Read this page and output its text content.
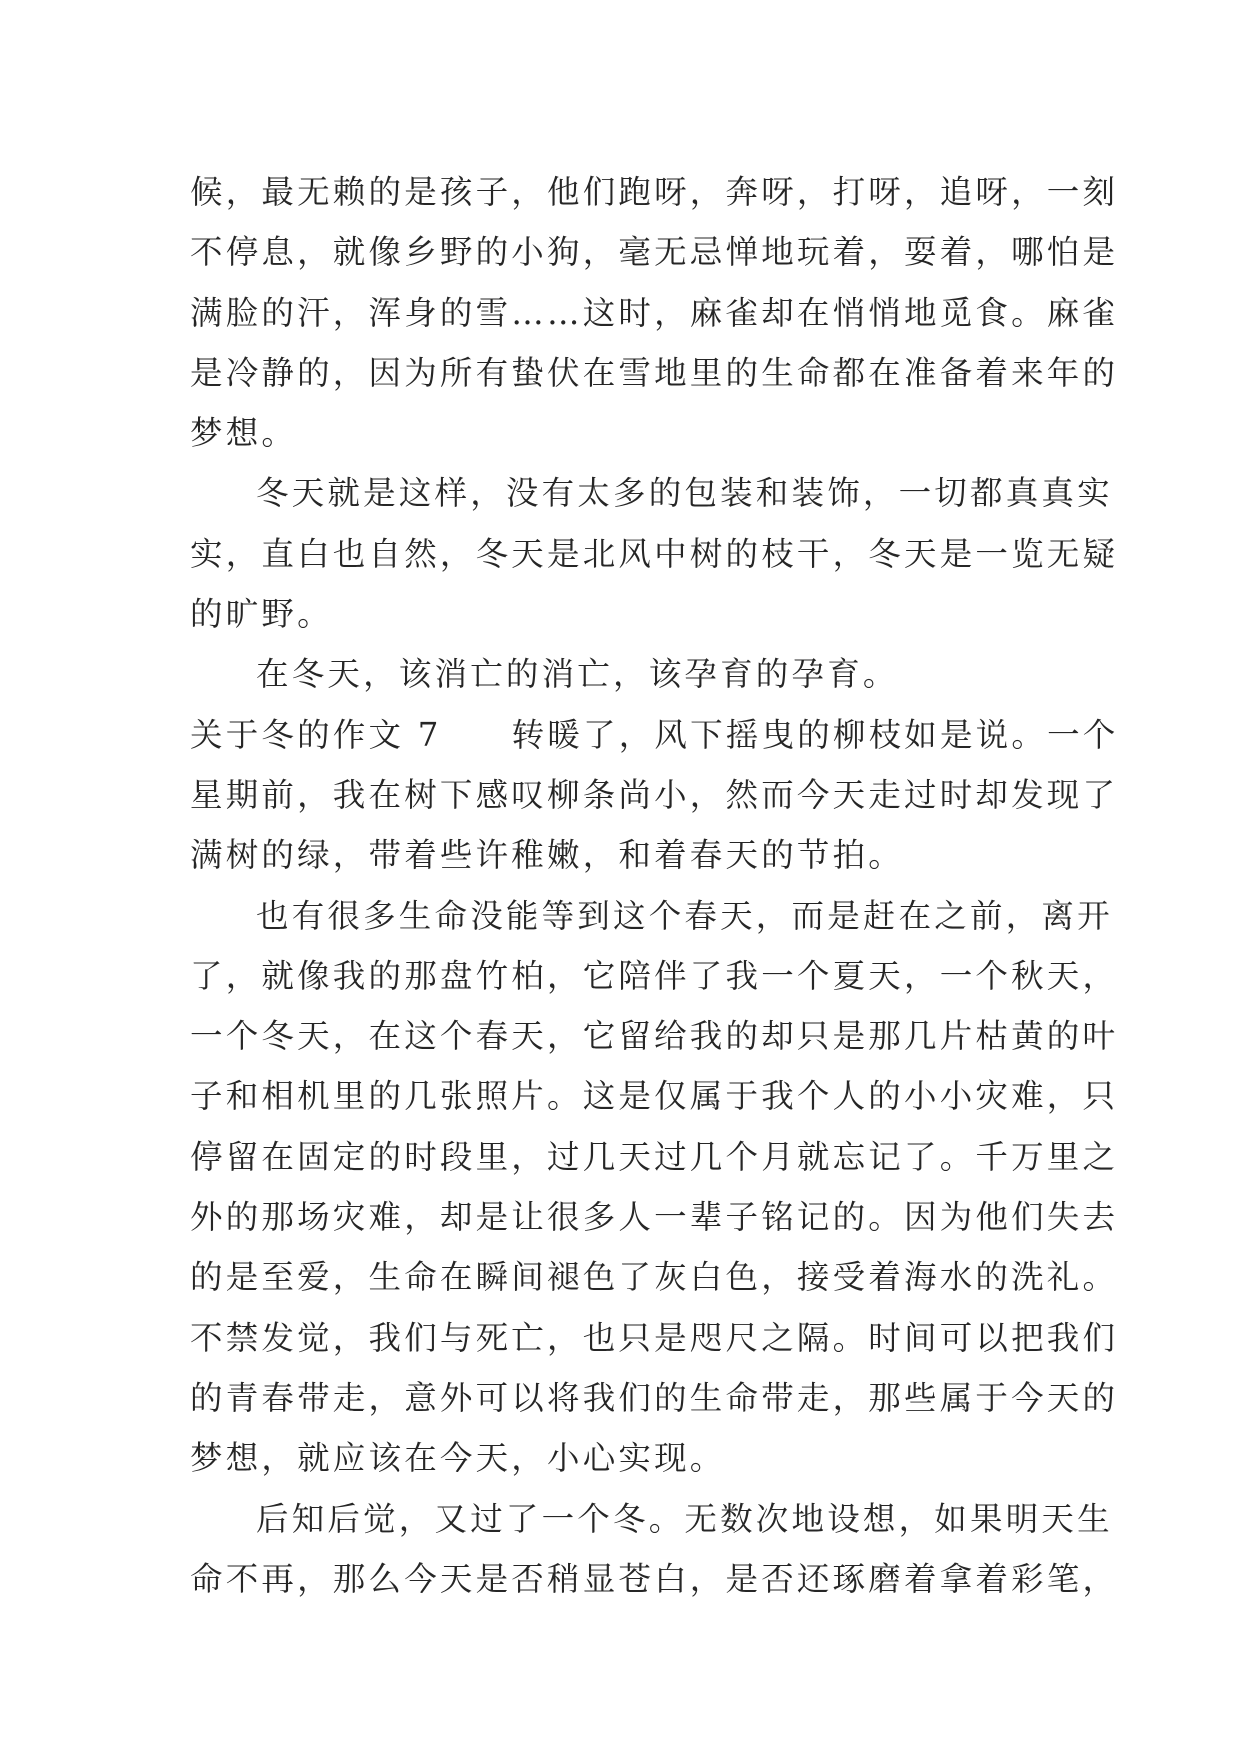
候，最无赖的是孩子，他们跑呀，奔呀，打呀，追呀，一刻
不停息，就像乡野的小狗，毫无忌惮地玩着，耍着，哪怕是
满脸的汗，浑身的雪……这时，麻雀却在悄悄地觅食。麻雀
是冷静的，因为所有蛰伏在雪地里的生命都在准备着来年的
梦想。
冬天就是这样，没有太多的包装和装饰，一切都真真实
实，直白也自然，冬天是北风中树的枝干，冬天是一览无疑
的旷野。
在冬天，该消亡的消亡，该孕育的孕育。
关于冬的作文 7 转暖了，风下摇曳的柳枝如是说。一个
星期前，我在树下感叹柳条尚小，然而今天走过时却发现了
满树的绿，带着些许稚嫩，和着春天的节拍。
也有很多生命没能等到这个春天，而是赶在之前，离开
了，就像我的那盘竹柏，它陪伴了我一个夏天，一个秋天，
一个冬天，在这个春天，它留给我的却只是那几片枯黄的叶
子和相机里的几张照片。这是仅属于我个人的小小灾难，只
停留在固定的时段里，过几天过几个月就忘记了。千万里之
外的那场灾难，却是让很多人一辈子铭记的。因为他们失去
的是至爱，生命在瞬间褪色了灰白色，接受着海水的洗礼。
不禁发觉，我们与死亡，也只是咫尺之隔。时间可以把我们
的青春带走，意外可以将我们的生命带走，那些属于今天的
梦想，就应该在今天，小心实现。
后知后觉，又过了一个冬。无数次地设想，如果明天生
命不再，那么今天是否稍显苍白，是否还琢磨着拿着彩笔，
